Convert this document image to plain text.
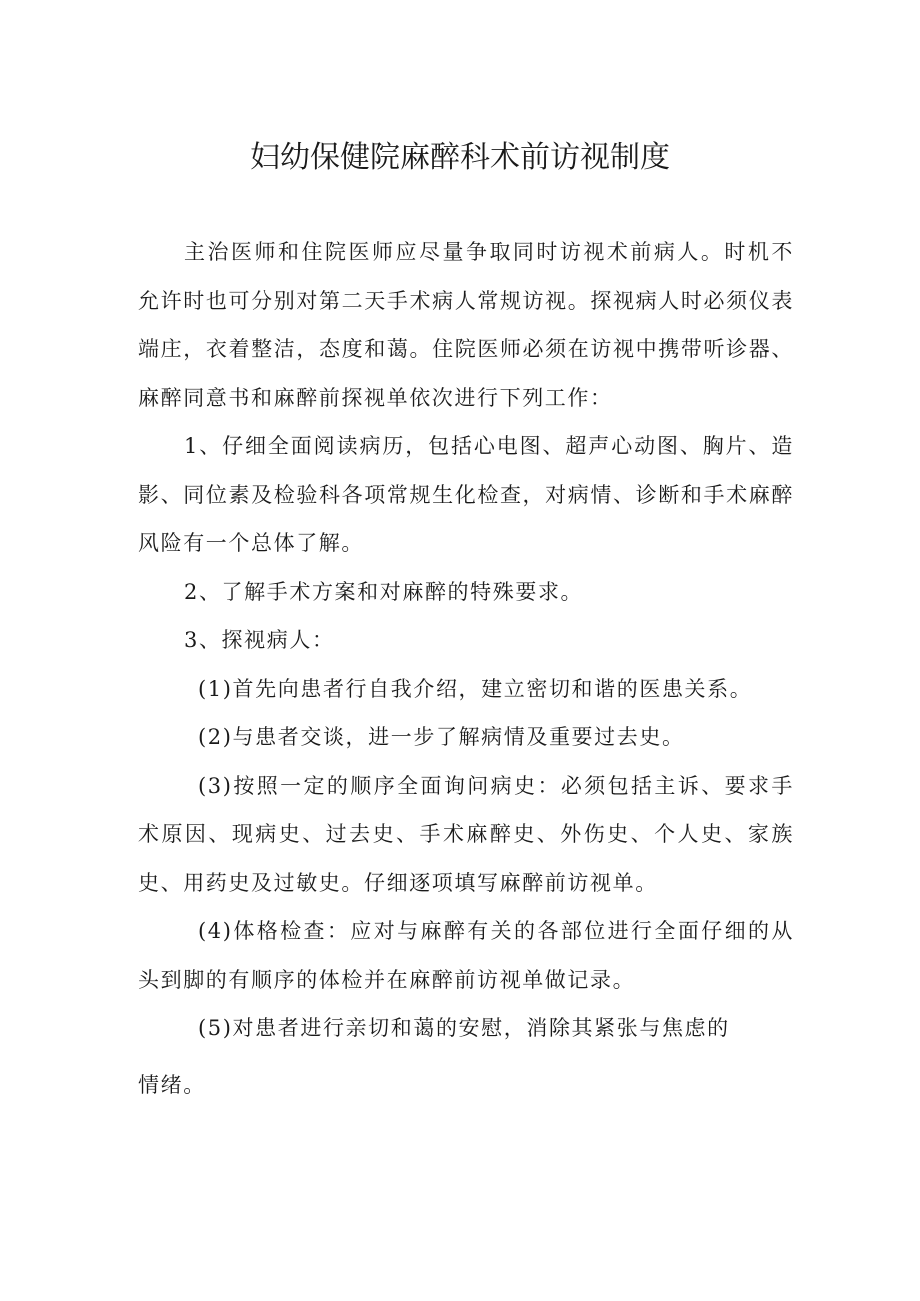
妇幼保健院麻醉科术前访视制度

主治医师和住院医师应尽量争取同时访视术前病人。时机不允许时也可分别对第二天手术病人常规访视。探视病人时必须仪表端庄，衣着整洁，态度和蔼。住院医师必须在访视中携带听诊器、麻醉同意书和麻醉前探视单依次进行下列工作：

1、仔细全面阅读病历，包括心电图、超声心动图、胸片、造影、同位素及检验科各项常规生化检查，对病情、诊断和手术麻醉风险有一个总体了解。

2、了解手术方案和对麻醉的特殊要求。

3、探视病人：

(1)首先向患者行自我介绍，建立密切和谐的医患关系。

(2)与患者交谈，进一步了解病情及重要过去史。

(3)按照一定的顺序全面询问病史：必须包括主诉、要求手术原因、现病史、过去史、手术麻醉史、外伤史、个人史、家族史、用药史及过敏史。仔细逐项填写麻醉前访视单。

(4)体格检查：应对与麻醉有关的各部位进行全面仔细的从头到脚的有顺序的体检并在麻醉前访视单做记录。

(5)对患者进行亲切和蔼的安慰，消除其紧张与焦虑的

情绪。
